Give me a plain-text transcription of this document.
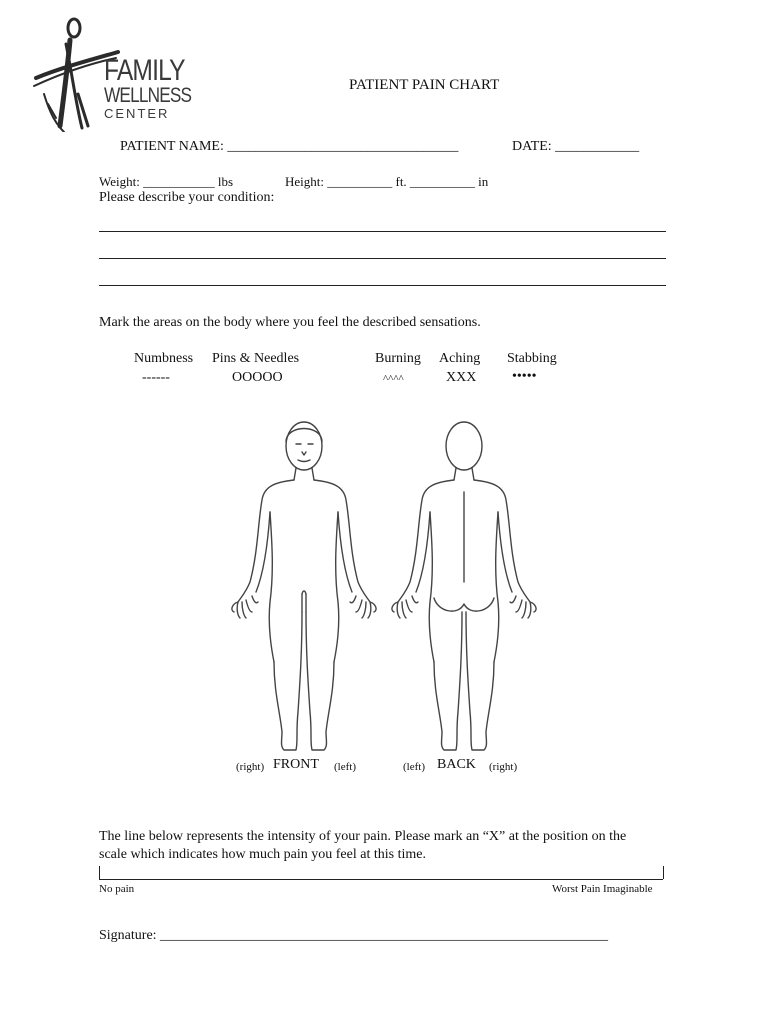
FAMILY
WELLNESS
CENTER
PATIENT PAIN CHART
PATIENT NAME: _________________________________	DATE: ____________
Weight: ___________ lbs	Height: __________ ft. __________ in
Please describe your condition:
Mark the areas on the body where you feel the described sensations.
Numbness
------
Pins & Needles
OOOOO
Burning
^^^^
Aching
XXX
Stabbing
•••••
(right) FRONT (left)	(left) BACK (right)
The line below represents the intensity of your pain. Please mark an “X” at the position on the
scale which indicates how much pain you feel at this time.
No pain	Worst Pain Imaginable
Signature: ________________________________________________________________
